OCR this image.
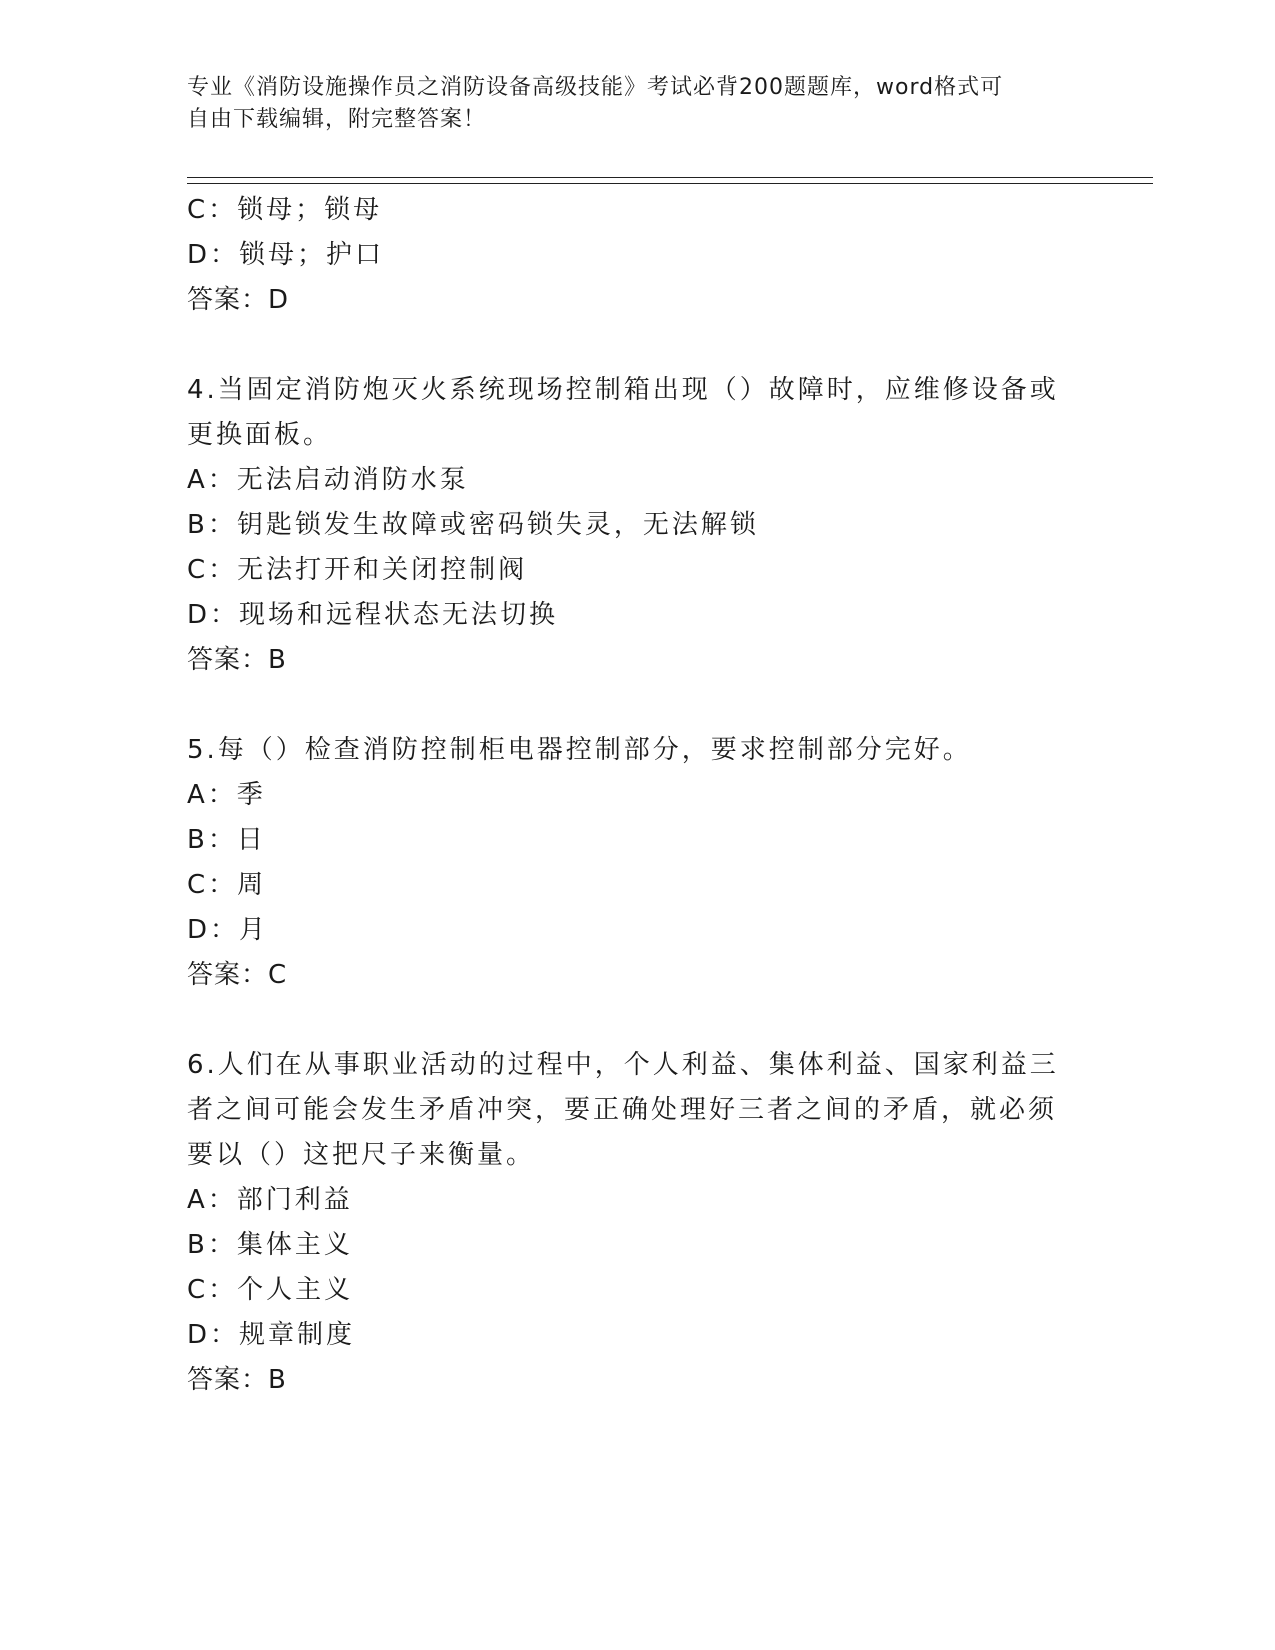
专业《消防设施操作员之消防设备高级技能》考试必背200题题库，word格式可
自由下载编辑，附完整答案！
C：锁母；锁母
D：锁母；护口
答案：D
4.当固定消防炮灭火系统现场控制箱出现（）故障时，应维修设备或
更换面板。
A：无法启动消防水泵
B：钥匙锁发生故障或密码锁失灵，无法解锁
C：无法打开和关闭控制阀
D：现场和远程状态无法切换
答案：B
5.每（）检查消防控制柜电器控制部分，要求控制部分完好。
A：季
B：日
C：周
D：月
答案：C
6.人们在从事职业活动的过程中，个人利益、集体利益、国家利益三
者之间可能会发生矛盾冲突，要正确处理好三者之间的矛盾，就必须
要以（）这把尺子来衡量。
A：部门利益
B：集体主义
C：个人主义
D：规章制度
答案：B
